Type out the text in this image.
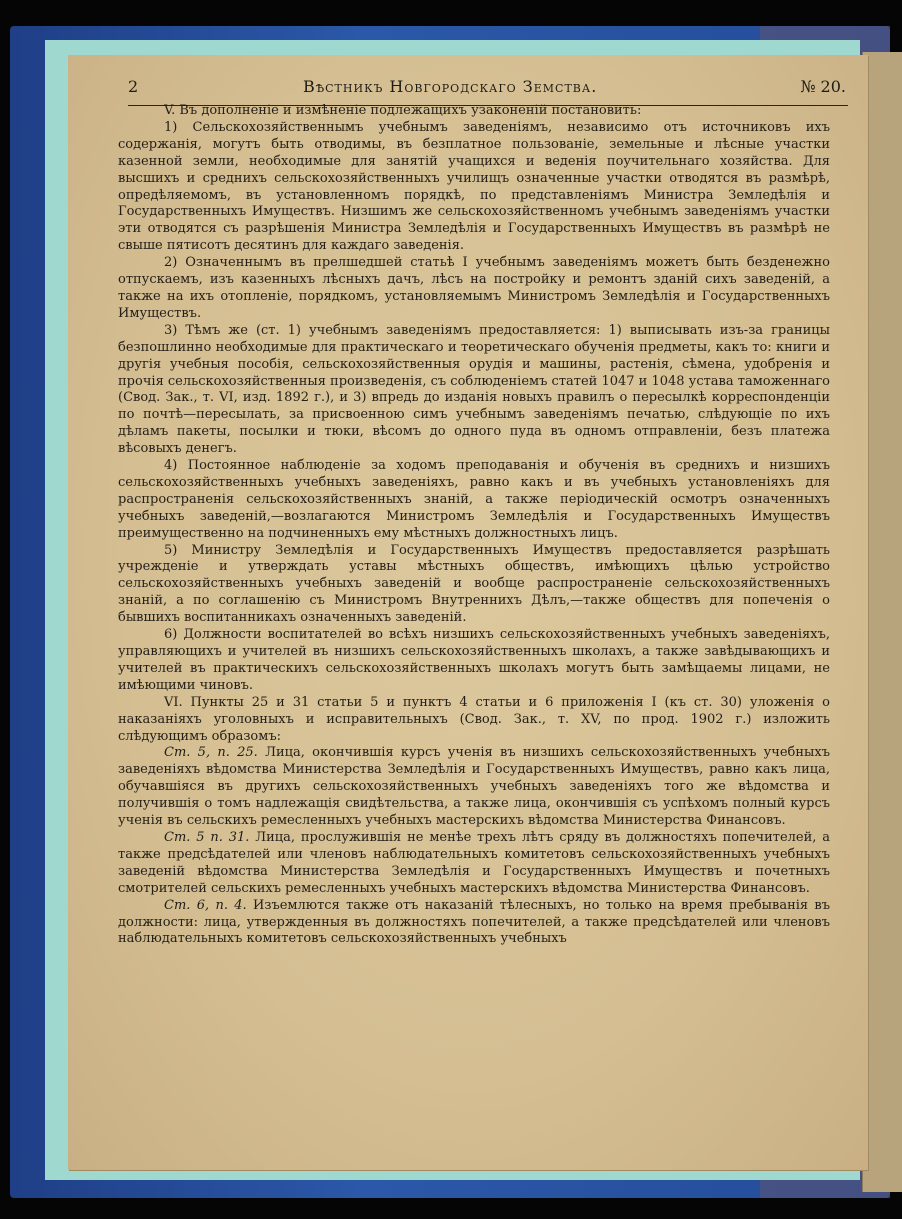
2	Вѣстникъ Новгородскаго Земства.	№ 20.

V. Въ дополненіе и измѣненіе подлежащихъ узаконеній постановить:

1) Сельскохозяйственнымъ учебнымъ заведеніямъ, независимо отъ источниковъ ихъ содержанія, могутъ быть отводимы, въ безплатное пользованіе, земельные и лѣсные участки казенной земли, необходимые для занятій учащихся и веденія поучительнаго хозяйства. Для высшихъ и среднихъ сельскохозяйственныхъ училищъ означенные участки отводятся въ размѣрѣ, опредѣляемомъ, въ установленномъ порядкѣ, по представленіямъ Министра Земледѣлія и Государственныхъ Имуществъ. Низшимъ же сельскохозяйственномъ учебнымъ заведеніямъ участки эти отводятся съ разрѣшенія Министра Земледѣлія и Государственныхъ Имуществъ въ размѣрѣ не свыше пятисотъ десятинъ для каждаго заведенія.

2) Означеннымъ въ прелшедшей статьѣ I учебнымъ заведеніямъ можетъ быть безденежно отпускаемъ, изъ казенныхъ лѣсныхъ дачъ, лѣсъ на постройку и ремонтъ зданій сихъ заведеній, а также на ихъ отопленіе, порядкомъ, установляемымъ Министромъ Земледѣлія и Государственныхъ Имуществъ.

3) Тѣмъ же (ст. 1) учебнымъ заведеніямъ предоставляется: 1) выписывать изъ-за границы безпошлинно необходимые для практическаго и теоретическаго обученія предметы, какъ то: книги и другія учебныя пособія, сельскохозяйственныя орудія и машины, растенія, сѣмена, удобренія и прочія сельскохозяйственныя произведенія, съ соблюденіемъ статей 1047 и 1048 устава таможеннаго (Свод. Зак., т. VI, изд. 1892 г.), и 3) впредь до изданія новыхъ правилъ о пересылкѣ корреспонденціи по почтѣ—пересылать, за присвоенною симъ учебнымъ заведеніямъ печатью, слѣдующіе по ихъ дѣламъ пакеты, посылки и тюки, вѣсомъ до одного пуда въ одномъ отправленіи, безъ платежа вѣсовыхъ денегъ.

4) Постоянное наблюденіе за ходомъ преподаванія и обученія въ среднихъ и низшихъ сельскохозяйственныхъ учебныхъ заведеніяхъ, равно какъ и въ учебныхъ установленіяхъ для распространенія сельскохозяйственныхъ знаній, а также періодическій осмотръ означенныхъ учебныхъ заведеній,—возлагаются Министромъ Земледѣлія и Государственныхъ Имуществъ преимущественно на подчиненныхъ ему мѣстныхъ должностныхъ лицъ.

5) Министру Земледѣлія и Государственныхъ Имуществъ предоставляется разрѣшать учрежденіе и утверждать уставы мѣстныхъ обществъ, имѣющихъ цѣлью устройство сельскохозяйственныхъ учебныхъ заведеній и вообще распространеніе сельскохозяйственныхъ знаній, а по соглашенію съ Министромъ Внутреннихъ Дѣлъ,—также обществъ для попеченія о бывшихъ воспитанникахъ означенныхъ заведеній.

6) Должности воспитателей во всѣхъ низшихъ сельскохозяйственныхъ учебныхъ заведеніяхъ, управляющихъ и учителей въ низшихъ сельскохозяйственныхъ школахъ, а также завѣдывающихъ и учителей въ практическихъ сельскохозяйственныхъ школахъ могутъ быть замѣщаемы лицами, не имѣющими чиновъ.

VI. Пункты 25 и 31 статьи 5 и пунктъ 4 статьи и 6 приложенія I (къ ст. 30) уложенія о наказаніяхъ уголовныхъ и исправительныхъ (Свод. Зак., т. XV, по прод. 1902 г.) изложить слѣдующимъ образомъ:

Ст. 5, п. 25. Лица, окончившія курсъ ученія въ низшихъ сельскохозяйственныхъ учебныхъ заведеніяхъ вѣдомства Министерства Земледѣлія и Государственныхъ Имуществъ, равно какъ лица, обучавшіяся въ другихъ сельскохозяйственныхъ учебныхъ заведеніяхъ того же вѣдомства и получившія о томъ надлежащія свидѣтельства, а также лица, окончившія съ успѣхомъ полный курсъ ученія въ сельскихъ ремесленныхъ учебныхъ мастерскихъ вѣдомства Министерства Финансовъ.

Ст. 5 п. 31. Лица, прослужившія не менѣе трехъ лѣтъ сряду въ должностяхъ попечителей, а также предсѣдателей или членовъ наблюдательныхъ комитетовъ сельскохозяйственныхъ учебныхъ заведеній вѣдомства Министерства Земледѣлія и Государственныхъ Имуществъ и почетныхъ смотрителей сельскихъ ремесленныхъ учебныхъ мастерскихъ вѣдомства Министерства Финансовъ.

Ст. 6, п. 4. Изъемлются также отъ наказаній тѣлесныхъ, но только на время пребыванія въ должности: лица, утвержденныя въ должностяхъ попечителей, а также предсѣдателей или членовъ наблюдательныхъ комитетовъ сельскохозяйственныхъ учебныхъ
